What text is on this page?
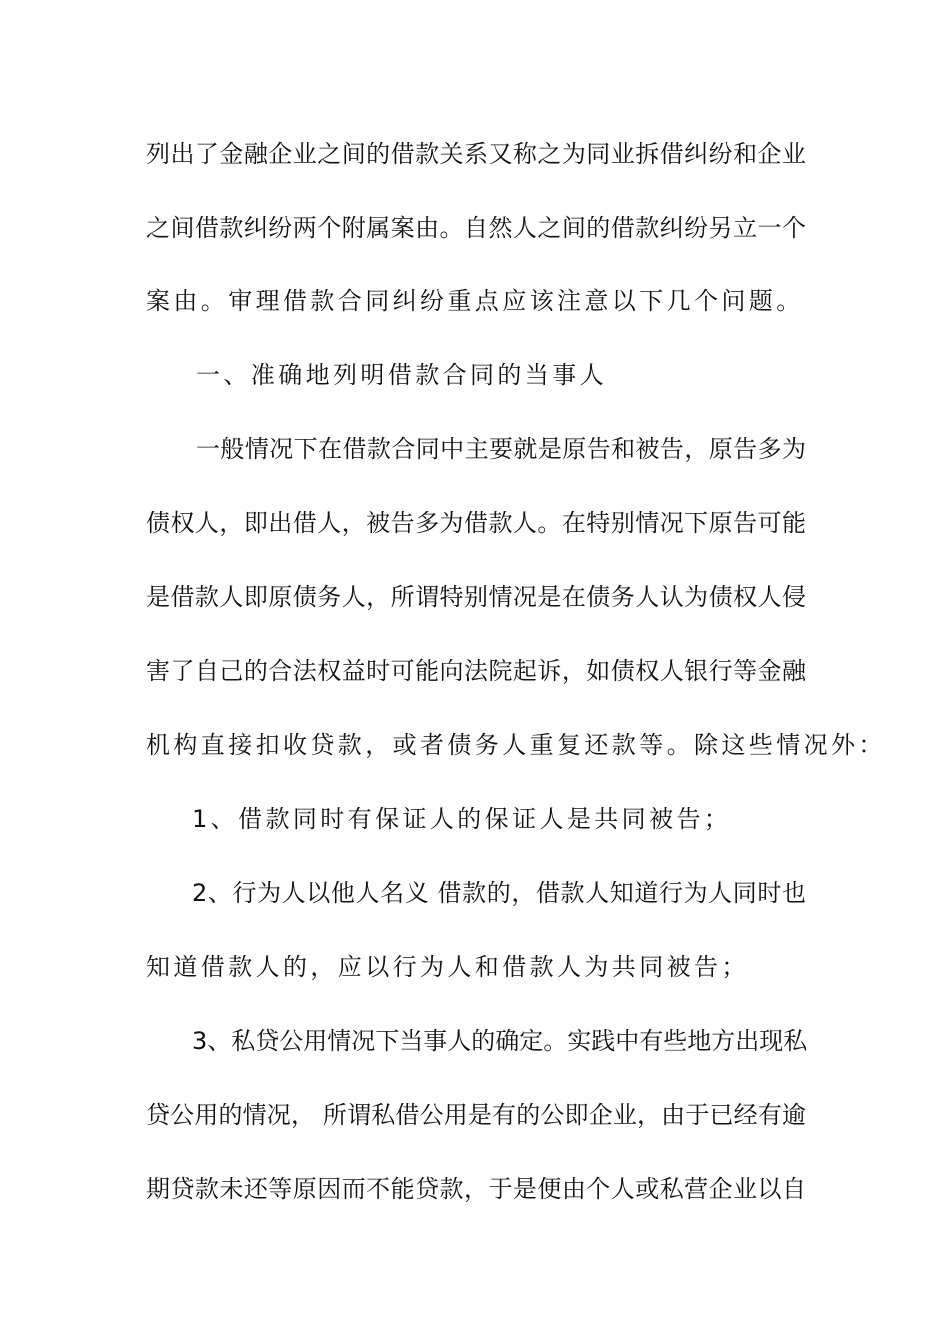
列出了金融企业之间的借款关系又称之为同业拆借纠纷和企业
之间借款纠纷两个附属案由。自然人之间的借款纠纷另立一个
案由。审理借款合同纠纷重点应该注意以下几个问题。
一、准确地列明借款合同的当事人
一般情况下在借款合同中主要就是原告和被告，原告多为
债权人，即出借人，被告多为借款人。在特别情况下原告可能
是借款人即原债务人，所谓特别情况是在债务人认为债权人侵
害了自己的合法权益时可能向法院起诉，如债权人银行等金融
机构直接扣收贷款，或者债务人重复还款等。除这些情况外：
1、借款同时有保证人的保证人是共同被告；
2、行为人以他人名义 借款的，借款人知道行为人同时也
知道借款人的，应以行为人和借款人为共同被告；
3、私贷公用情况下当事人的确定。实践中有些地方出现私
贷公用的情况， 所谓私借公用是有的公即企业，由于已经有逾
期贷款未还等原因而不能贷款，于是便由个人或私营企业以自
